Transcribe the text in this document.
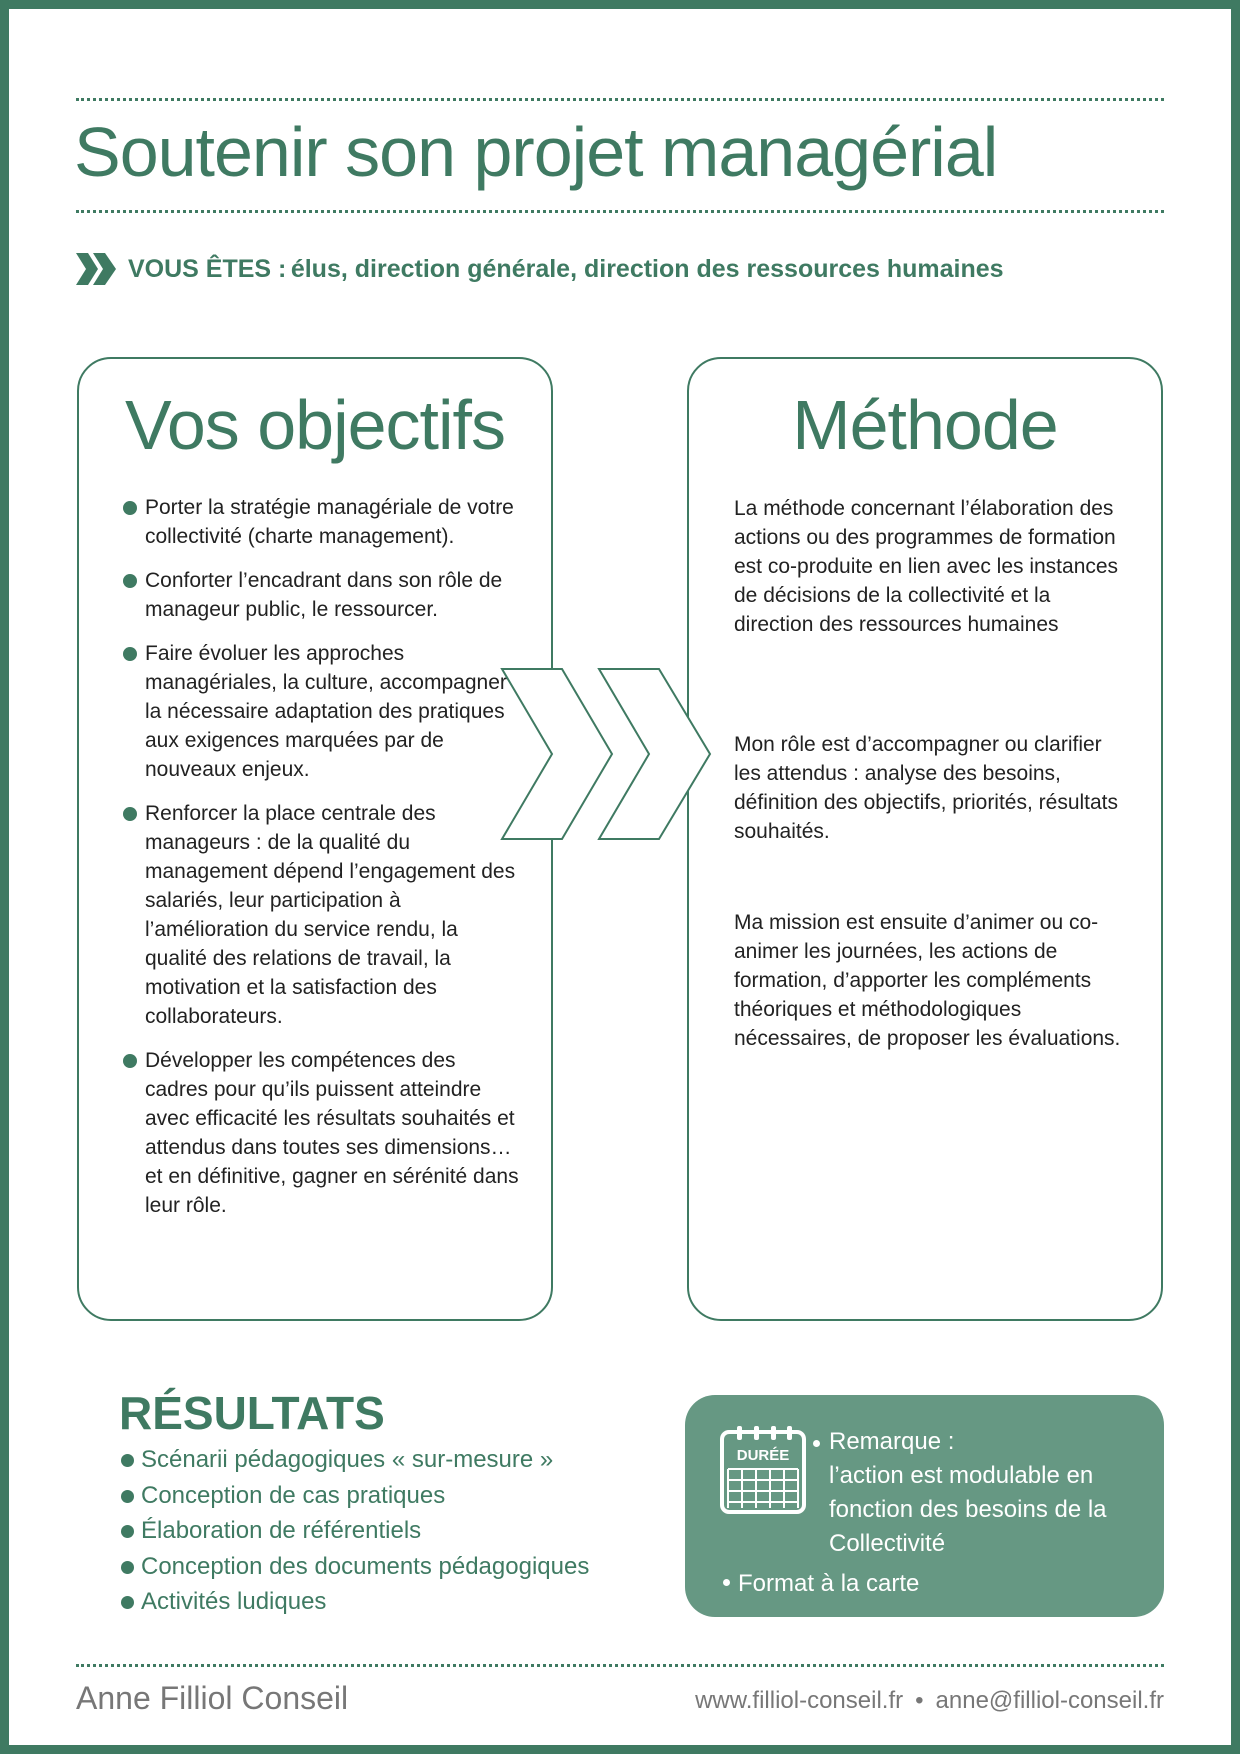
Soutenir son projet managérial
VOUS ÊTES :
élus, direction générale, direction des ressources humaines
Vos objectifs
Porter la stratégie managériale de votre collectivité (charte management).
Conforter l’encadrant dans son rôle de manageur public, le ressourcer.
Faire évoluer les approches managériales, la culture, accompagner la nécessaire adaptation des pratiques aux exigences marquées par de nouveaux enjeux.
Renforcer la place centrale des manageurs : de la qualité du management dépend l’engagement des salariés, leur participation à l’amélioration du service rendu, la qualité des relations de travail, la motivation et la satisfaction des collaborateurs.
Développer les compétences des cadres pour qu’ils puissent atteindre avec efficacité les résultats souhaités et attendus dans toutes ses dimensions…et en définitive, gagner en sérénité dans leur rôle.
Méthode

La méthode concernant l’élaboration des actions ou des programmes de formation est co-produite en lien avec les instances de décisions de la collectivité et la direction des ressources humaines

Mon rôle est d’accompagner ou clarifier les attendus : analyse des besoins, définition des objectifs, priorités, résultats souhaités.

Ma mission est ensuite d’animer ou co-animer les journées, les actions de formation, d’apporter les compléments théoriques et méthodologiques nécessaires, de proposer les évaluations.

RÉSULTATS
Scénarii pédagogiques « sur-mesure »
Conception de cas pratiques
Élaboration de référentiels
Conception des documents pédagogiques
Activités ludiques
DURÉE
Remarque :
l’action est modulable en fonction des besoins de la Collectivité
Format à la carte
Anne Filliol Conseil	www.filliol-conseil.fr • anne@filliol-conseil.fr
